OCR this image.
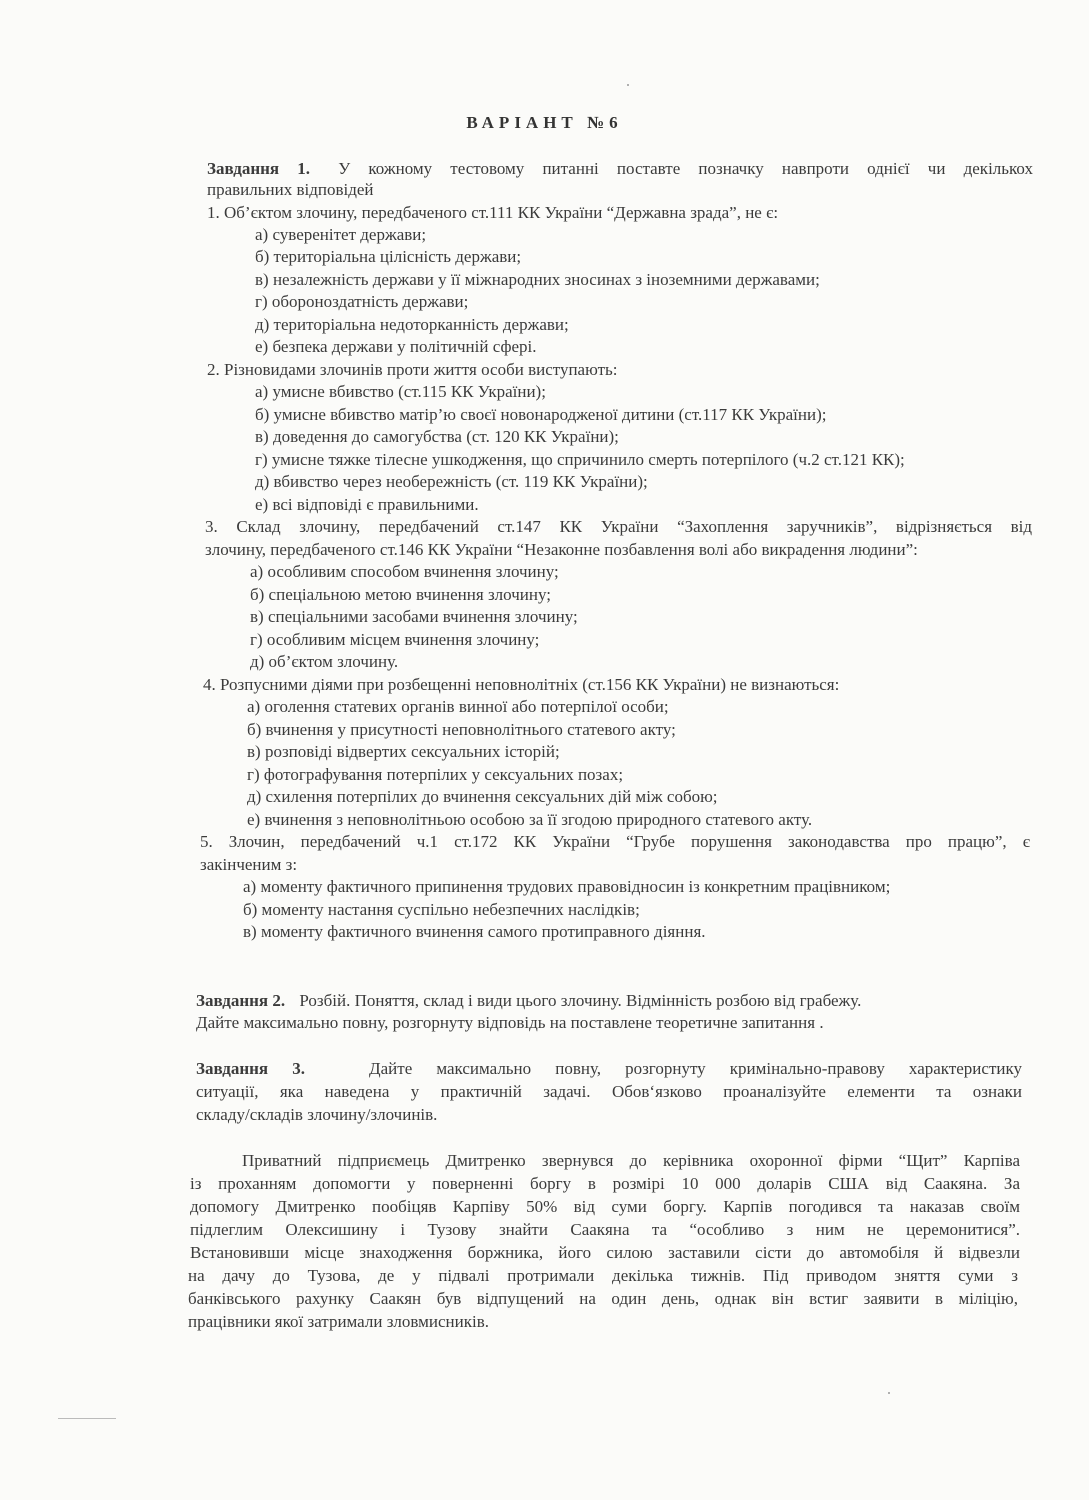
ВАРІАНТ №6
Завдання 1. У кожному тестовому питанні поставте позначку навпроти однієї чи декількох
правильних відповідей
1. Об’єктом злочину, передбаченого ст.111 КК України “Державна зрада”, не є:
а) суверенітет держави;
б) територіальна цілісність держави;
в) незалежність держави у її міжнародних зносинах з іноземними державами;
г) обороноздатність держави;
д) територіальна недоторканність держави;
е) безпека держави у політичній сфері.
2. Різновидами злочинів проти життя особи виступають:
а) умисне вбивство (ст.115 КК України);
б) умисне вбивство матір’ю своєї новонародженої дитини (ст.117 КК України);
в) доведення до самогубства (ст. 120 КК України);
г) умисне тяжке тілесне ушкодження, що спричинило смерть потерпілого (ч.2 ст.121 КК);
д) вбивство через необережність (ст. 119 КК України);
е) всі відповіді є правильними.
3. Склад злочину, передбачений ст.147 КК України “Захоплення заручників”, відрізняється від
злочину, передбаченого ст.146 КК України “Незаконне позбавлення волі або викрадення людини”:
а) особливим способом вчинення злочину;
б) спеціальною метою вчинення злочину;
в) спеціальними засобами вчинення злочину;
г) особливим місцем вчинення злочину;
д) об’єктом злочину.
4. Розпусними діями при розбещенні неповнолітніх (ст.156 КК України) не визнаються:
а) оголення статевих органів винної або потерпілої особи;
б) вчинення у присутності неповнолітнього статевого акту;
в) розповіді відвертих сексуальних історій;
г) фотографування потерпілих у сексуальних позах;
д) схилення потерпілих до вчинення сексуальних дій між собою;
е) вчинення з неповнолітньою особою за її згодою природного статевого акту.
5. Злочин, передбачений ч.1 ст.172 КК України “Грубе порушення законодавства про працю”, є
закінченим з:
а) моменту фактичного припинення трудових правовідносин із конкретним працівником;
б) моменту настання суспільно небезпечних наслідків;
в) моменту фактичного вчинення самого протиправного діяння.
Завдання 2. Розбій. Поняття, склад і види цього злочину. Відмінність розбою від грабежу.
Дайте максимально повну, розгорнуту відповідь на поставлене теоретичне запитання .
Завдання 3.	Дайте максимально повну, розгорнуту кримінально-правову характеристику
ситуації, яка наведена у практичній задачі. Обов‘язково проаналізуйте елементи та ознаки
складу/складів злочину/злочинів.
Приватний підприємець Дмитренко звернувся до керівника охоронної фірми “Щит” Карпіва
із проханням допомогти у поверненні боргу в розмірі 10 000 доларів США від Саакяна. За
допомогу Дмитренко пообіцяв Карпіву 50% від суми боргу. Карпів погодився та наказав своїм
підлеглим Олексишину і Тузову знайти Саакяна та “особливо з ним не церемонитися”.
Встановивши місце знаходження боржника, його силою заставили сісти до автомобіля й відвезли
на дачу до Тузова, де у підвалі протримали декілька тижнів. Під приводом зняття суми з
банківського рахунку Саакян був відпущений на один день, однак він встиг заявити в міліцію,
працівники якої затримали зловмисників.
